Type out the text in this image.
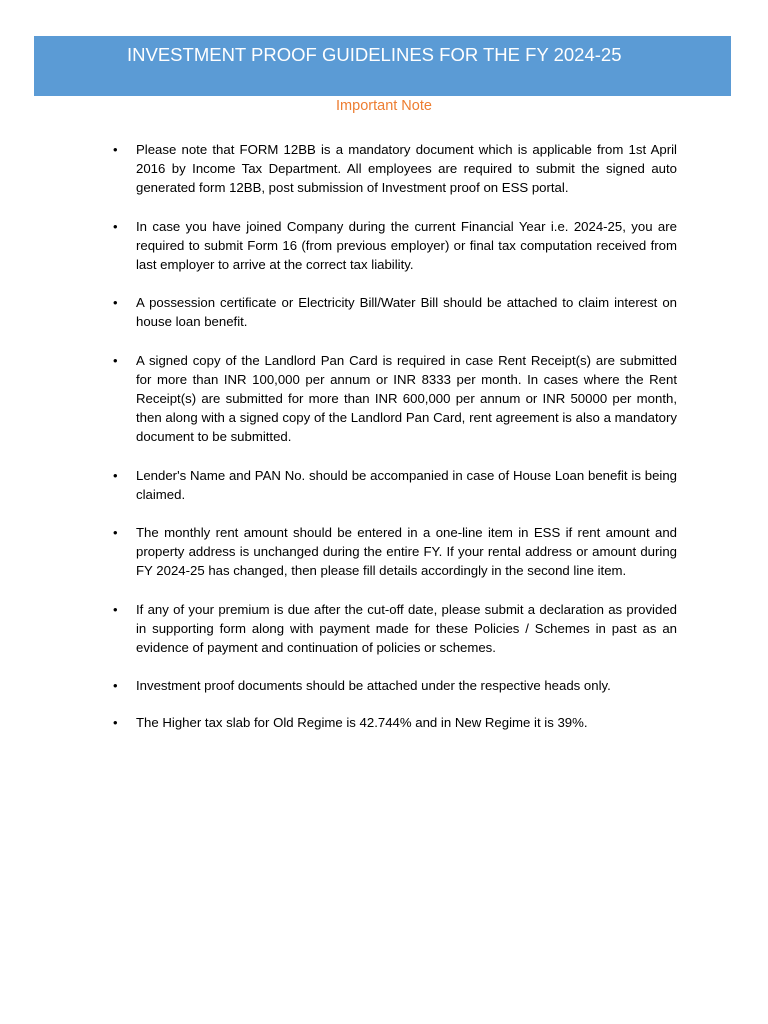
INVESTMENT PROOF GUIDELINES FOR THE FY 2024-25
Important Note
•	Please note that FORM 12BB is a mandatory document which is applicable from 1st April 2016 by Income Tax Department. All employees are required to submit the signed auto generated form 12BB, post submission of Investment proof on ESS portal.
•	In case you have joined Company during the current Financial Year i.e. 2024-25, you are required to submit Form 16 (from previous employer) or final tax computation received from last employer to arrive at the correct tax liability.
•	A possession certificate or Electricity Bill/Water Bill should be attached to claim interest on house loan benefit.
•	A signed copy of the Landlord Pan Card is required in case Rent Receipt(s) are submitted for more than INR 100,000 per annum or INR 8333 per month. In cases where the Rent Receipt(s) are submitted for more than INR 600,000 per annum or INR 50000 per month, then along with a signed copy of the Landlord Pan Card, rent agreement is also a mandatory document to be submitted.
•	Lender's Name and PAN No. should be accompanied in case of House Loan benefit is being claimed.
•	The monthly rent amount should be entered in a one-line item in ESS if rent amount and property address is unchanged during the entire FY. If your rental address or amount during FY 2024-25 has changed, then please fill details accordingly in the second line item.
•	If any of your premium is due after the cut-off date, please submit a declaration as provided in supporting form along with payment made for these Policies / Schemes in past as an evidence of payment and continuation of policies or schemes.
•	Investment proof documents should be attached under the respective heads only.
•	The Higher tax slab for Old Regime is 42.744% and in New Regime it is 39%.
